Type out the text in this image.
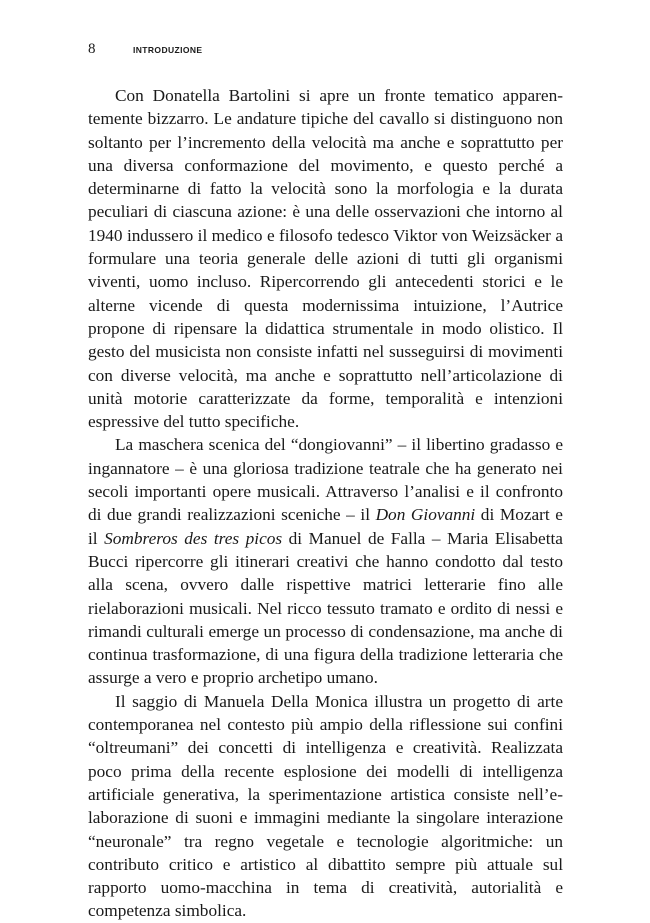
8	INTRODUZIONE

Con Donatella Bartolini si apre un fronte tematico apparentemente bizzarro. Le andature tipiche del cavallo si distinguono non soltanto per l’incremento della velocità ma anche e soprattutto per una diversa conformazione del movimento, e questo perché a determinarne di fatto la velocità sono la morfologia e la durata peculiari di ciascuna azione: è una delle osservazioni che intorno al 1940 indussero il medico e filosofo tedesco Viktor von Weizsäcker a formulare una teoria generale delle azioni di tutti gli organismi viventi, uomo incluso. Ripercorrendo gli antecedenti storici e le alterne vicende di questa modernissima intuizione, l’Autrice propone di ripensare la didattica strumentale in modo olistico. Il gesto del musicista non consiste infatti nel susseguirsi di movimenti con diverse velocità, ma anche e soprattutto nell’articolazione di unità motorie caratterizzate da forme, temporalità e intenzioni espressive del tutto specifiche.

La maschera scenica del “dongiovanni” – il libertino gradasso e ingannatore – è una gloriosa tradizione teatrale che ha generato nei secoli importanti opere musicali. Attraverso l’analisi e il confronto di due grandi realizzazioni sceniche – il Don Giovanni di Mozart e il Sombreros des tres picos di Manuel de Falla – Maria Elisabetta Bucci ripercorre gli itinerari creativi che hanno condotto dal testo alla scena, ovvero dalle rispettive matrici letterarie fino alle rielaborazioni musicali. Nel ricco tessuto tramato e ordito di nessi e rimandi culturali emerge un processo di condensazione, ma anche di continua trasformazione, di una figura della tradizione letteraria che assurge a vero e proprio archetipo umano.

Il saggio di Manuela Della Monica illustra un progetto di arte contemporanea nel contesto più ampio della riflessione sui confini “oltreumani” dei concetti di intelligenza e creatività. Realizzata poco prima della recente esplosione dei modelli di intelligenza artificiale generativa, la sperimentazione artistica consiste nell’elaborazione di suoni e immagini mediante la singolare interazione “neuronale” tra regno vegetale e tecnologie algoritmiche: un contributo critico e artistico al dibattito sempre più attuale sul rapporto uomo-macchina in tema di creatività, autorialità e competenza simbolica.
